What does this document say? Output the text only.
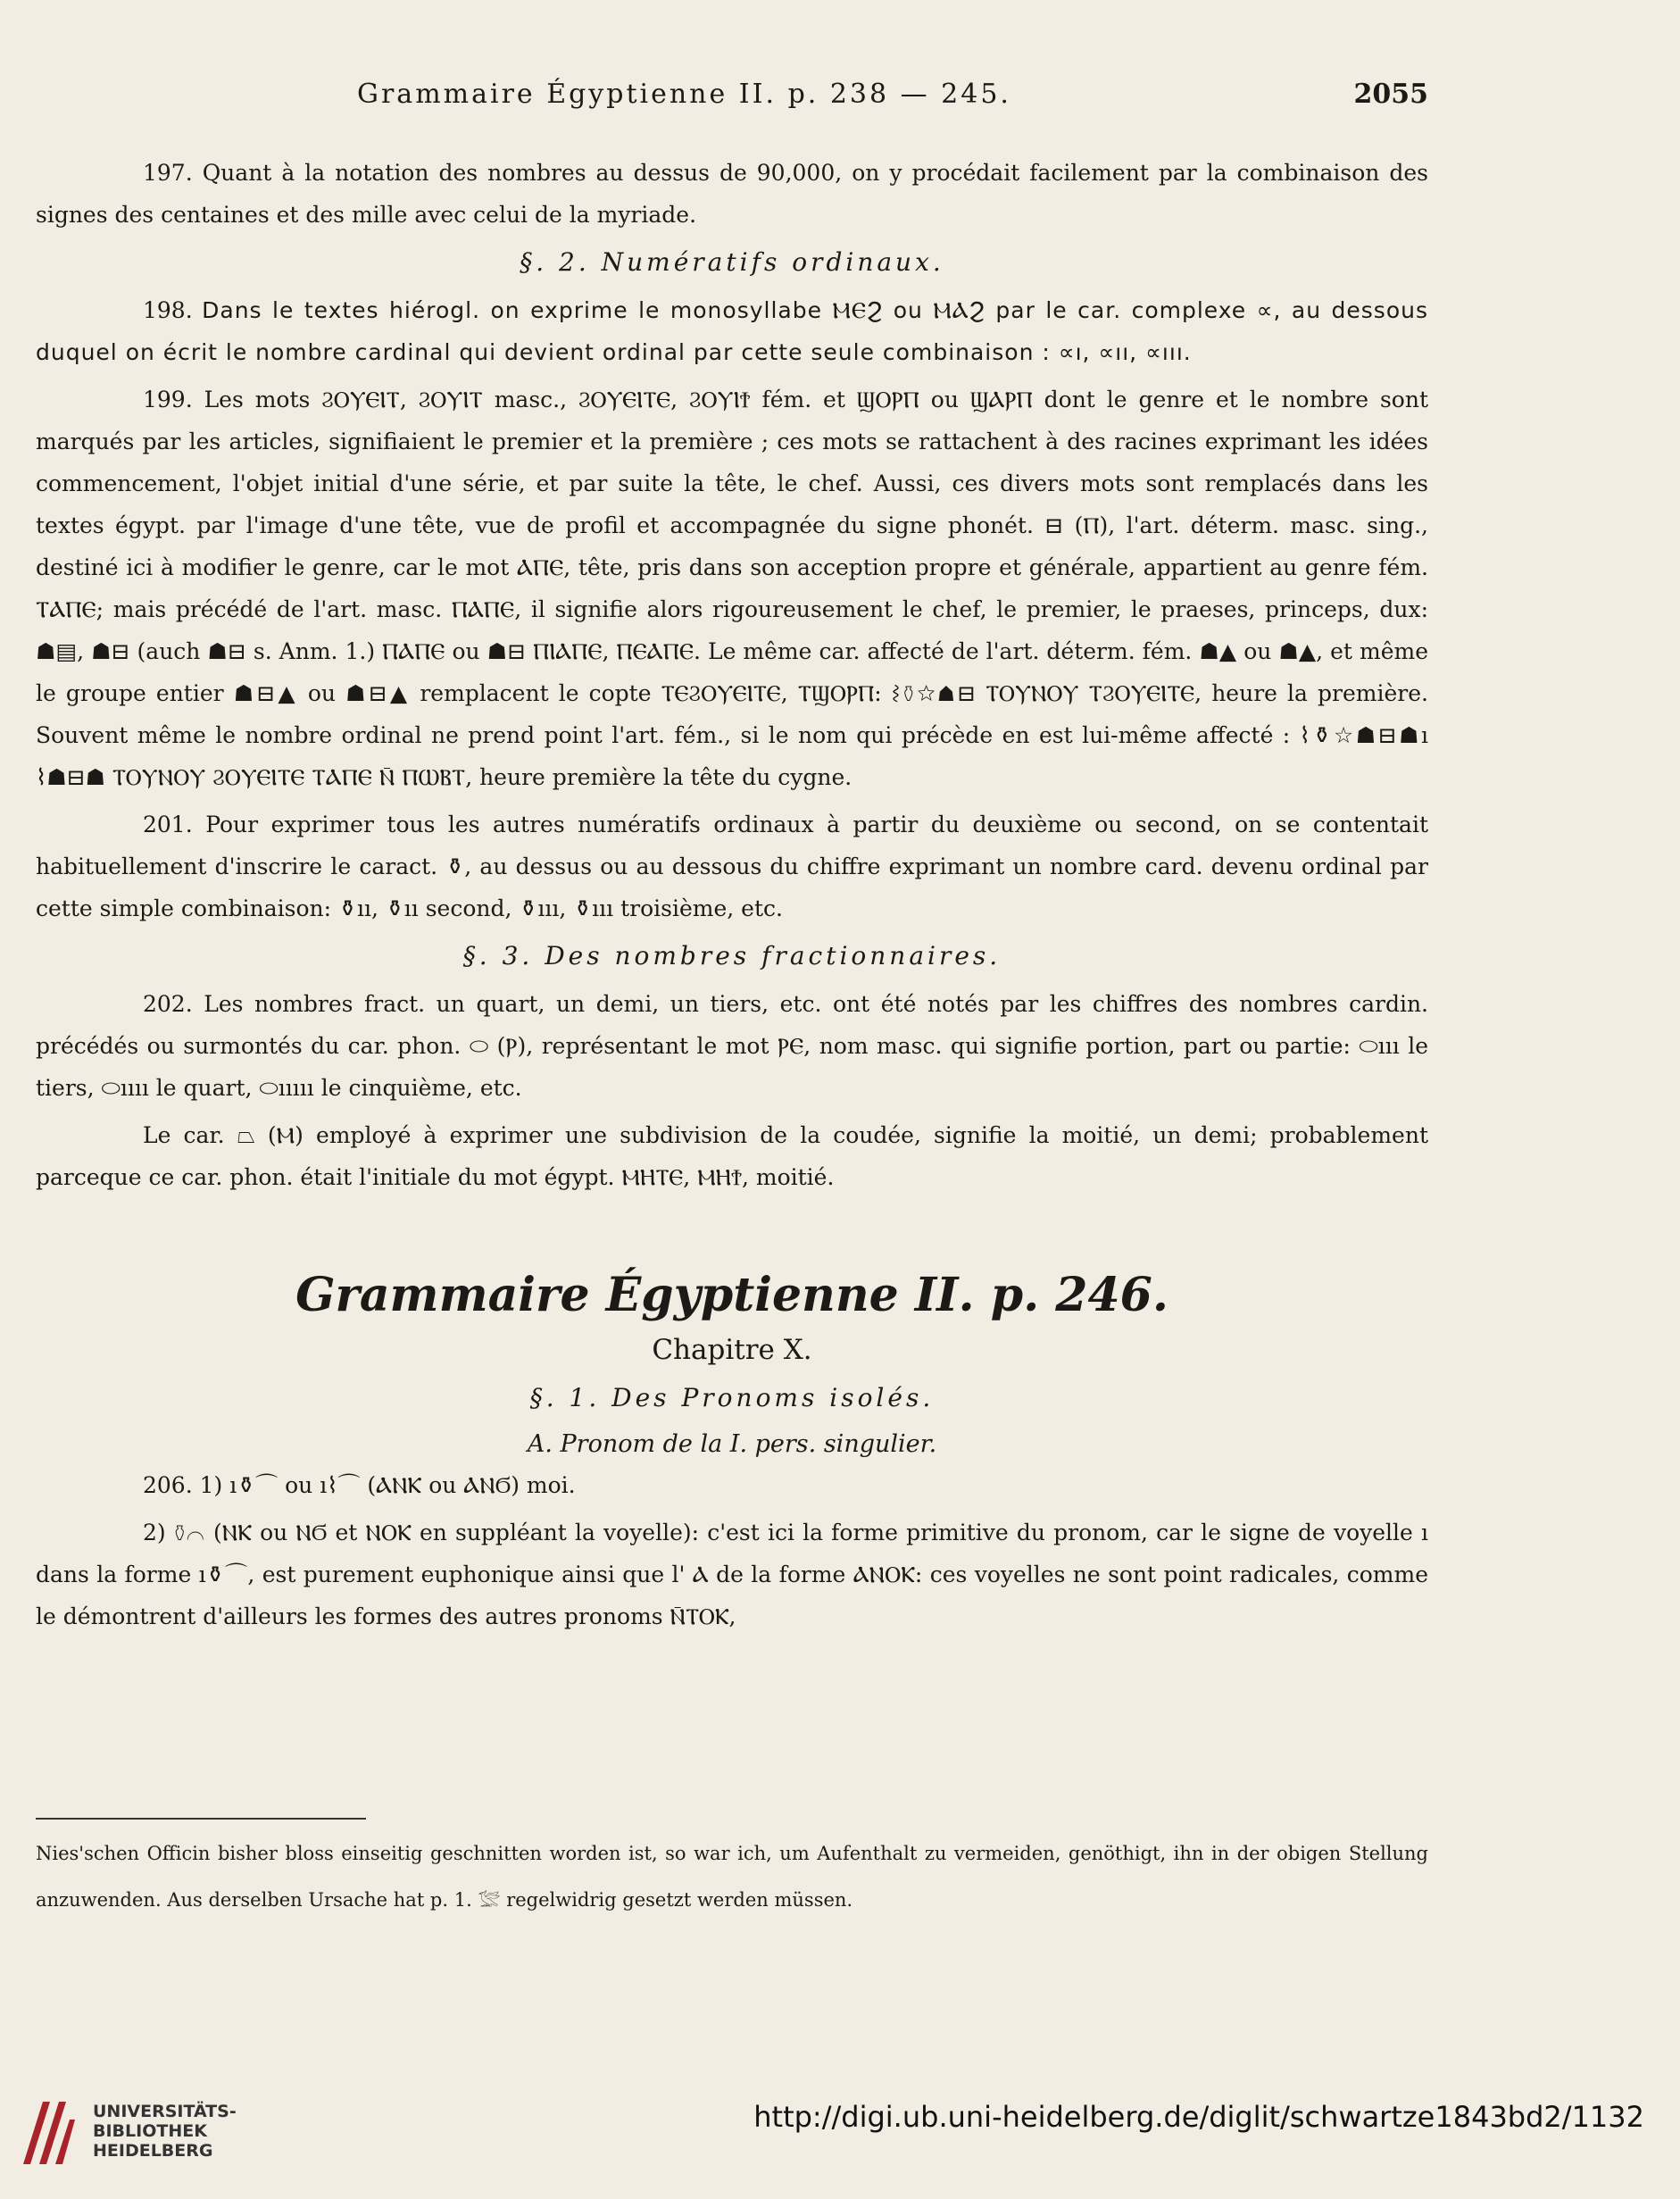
Grammaire Égyptienne II. p. 238 — 245.	2055

197. Quant à la notation des nombres au dessus de 90,000, on y procédait facilement par la combinaison des signes des centaines et des mille avec celui de la myriade.

§. 2. Numératifs ordinaux.

198. Dans le textes hiérogl. on exprime le monosyllabe ⲘⲈϨ ou ⲘⲀϨ par le car. complexe ∝, au dessous duquel on écrit le nombre cardinal qui devient ordinal par cette seule combinaison : ∝ı, ∝ıı, ∝ııı.

199. Les mots ϨⲞⲨⲈⲒⲦ, ϨⲞⲨⲒⲦ masc., ϨⲞⲨⲈⲒⲦⲈ, ϨⲞⲨⲒϮ fém. et ϢⲞⲢⲠ ou ϢⲀⲢⲠ dont le genre et le nombre sont marqués par les articles, signifiaient le premier et la première ; ces mots se rattachent à des racines exprimant les idées commencement, l'objet initial d'une série, et par suite la tête, le chef. Aussi, ces divers mots sont remplacés dans les textes égypt. par l'image d'une tête, vue de profil et accompagnée du signe phonét. ⊟ (Ⲡ), l'art. déterm. masc. sing., destiné ici à modifier le genre, car le mot ⲀⲠⲈ, tête, pris dans son acception propre et générale, appartient au genre fém. ⲦⲀⲠⲈ; mais précédé de l'art. masc. ⲠⲀⲠⲈ, il signifie alors rigoureusement le chef, le premier, le praeses, princeps, dux: ☗▤, ☗⊟ (auch ☗⊟ s. Anm. 1.) ⲠⲀⲠⲈ ou ☗⊟ ⲠⲒⲀⲠⲈ, ⲠⲈⲀⲠⲈ. Le même car. affecté de l'art. déterm. fém. ☗▲ ou ☗▲, et même le groupe entier ☗⊟▲ ou ☗⊟▲ remplacent le copte ⲦⲈϨⲞⲨⲈⲒⲦⲈ, ⲦϢⲞⲢⲠ: ⌇⚱☆☗⊟ ⲦⲞⲨⲚⲞⲨ ⲦϨⲞⲨⲈⲒⲦⲈ, heure la première. Souvent même le nombre ordinal ne prend point l'art. fém., si le nom qui précède en est lui-même affecté : ⌇⚱☆☗⊟☗ı ⌇☗⊟☗ ⲦⲞⲨⲚⲞⲨ ϨⲞⲨⲈⲒⲦⲈ ⲦⲀⲠⲈ Ⲛ̄ ⲠⲰⲂⲦ, heure première la tête du cygne.

201. Pour exprimer tous les autres numératifs ordinaux à partir du deuxième ou second, on se contentait habituellement d'inscrire le caract. ⚱, au dessus ou au dessous du chiffre exprimant un nombre card. devenu ordinal par cette simple combinaison: ⚱ıı, ⚱ıı second, ⚱ııı, ⚱ııı troisième, etc.

§. 3. Des nombres fractionnaires.

202. Les nombres fract. un quart, un demi, un tiers, etc. ont été notés par les chiffres des nombres cardin. précédés ou surmontés du car. phon. ⬭ (Ⲣ), représentant le mot ⲢⲈ, nom masc. qui signifie portion, part ou partie: ⬭ııı le tiers, ⬭ıııı le quart, ⬭ııııı le cinquième, etc.

Le car. ⏢ (Ⲙ) employé à exprimer une subdivision de la coudée, signifie la moitié, un demi; probablement parceque ce car. phon. était l'initiale du mot égypt. ⲘⲎⲦⲈ, ⲘⲎϮ, moitié.

Grammaire Égyptienne II. p. 246.
Chapitre X.
§. 1. Des Pronoms isolés.
A. Pronom de la I. pers. singulier.

206. 1) ı⚱⌒ ou ı⌇⌒ (ⲀⲚⲔ ou ⲀⲚϬ) moi.

2) ⚱⌒ (ⲚⲔ ou ⲚϬ et ⲚⲞⲔ en suppléant la voyelle): c'est ici la forme primitive du pronom, car le signe de voyelle ı dans la forme ı⚱⌒, est purement euphonique ainsi que l' Ⲁ de la forme ⲀⲚⲞⲔ: ces voyelles ne sont point radicales, comme le démontrent d'ailleurs les formes des autres pronoms Ⲛ̄ⲦⲞⲔ,

Nies'schen Officin bisher bloss einseitig geschnitten worden ist, so war ich, um Aufenthalt zu vermeiden, genöthigt, ihn in der obigen Stellung anzuwenden. Aus derselben Ursache hat p. 1. 𓅛 regelwidrig gesetzt werden müssen.

UNIVERSITÄTS-
BIBLIOTHEK
HEIDELBERG
http://digi.ub.uni-heidelberg.de/diglit/schwartze1843bd2/1132
